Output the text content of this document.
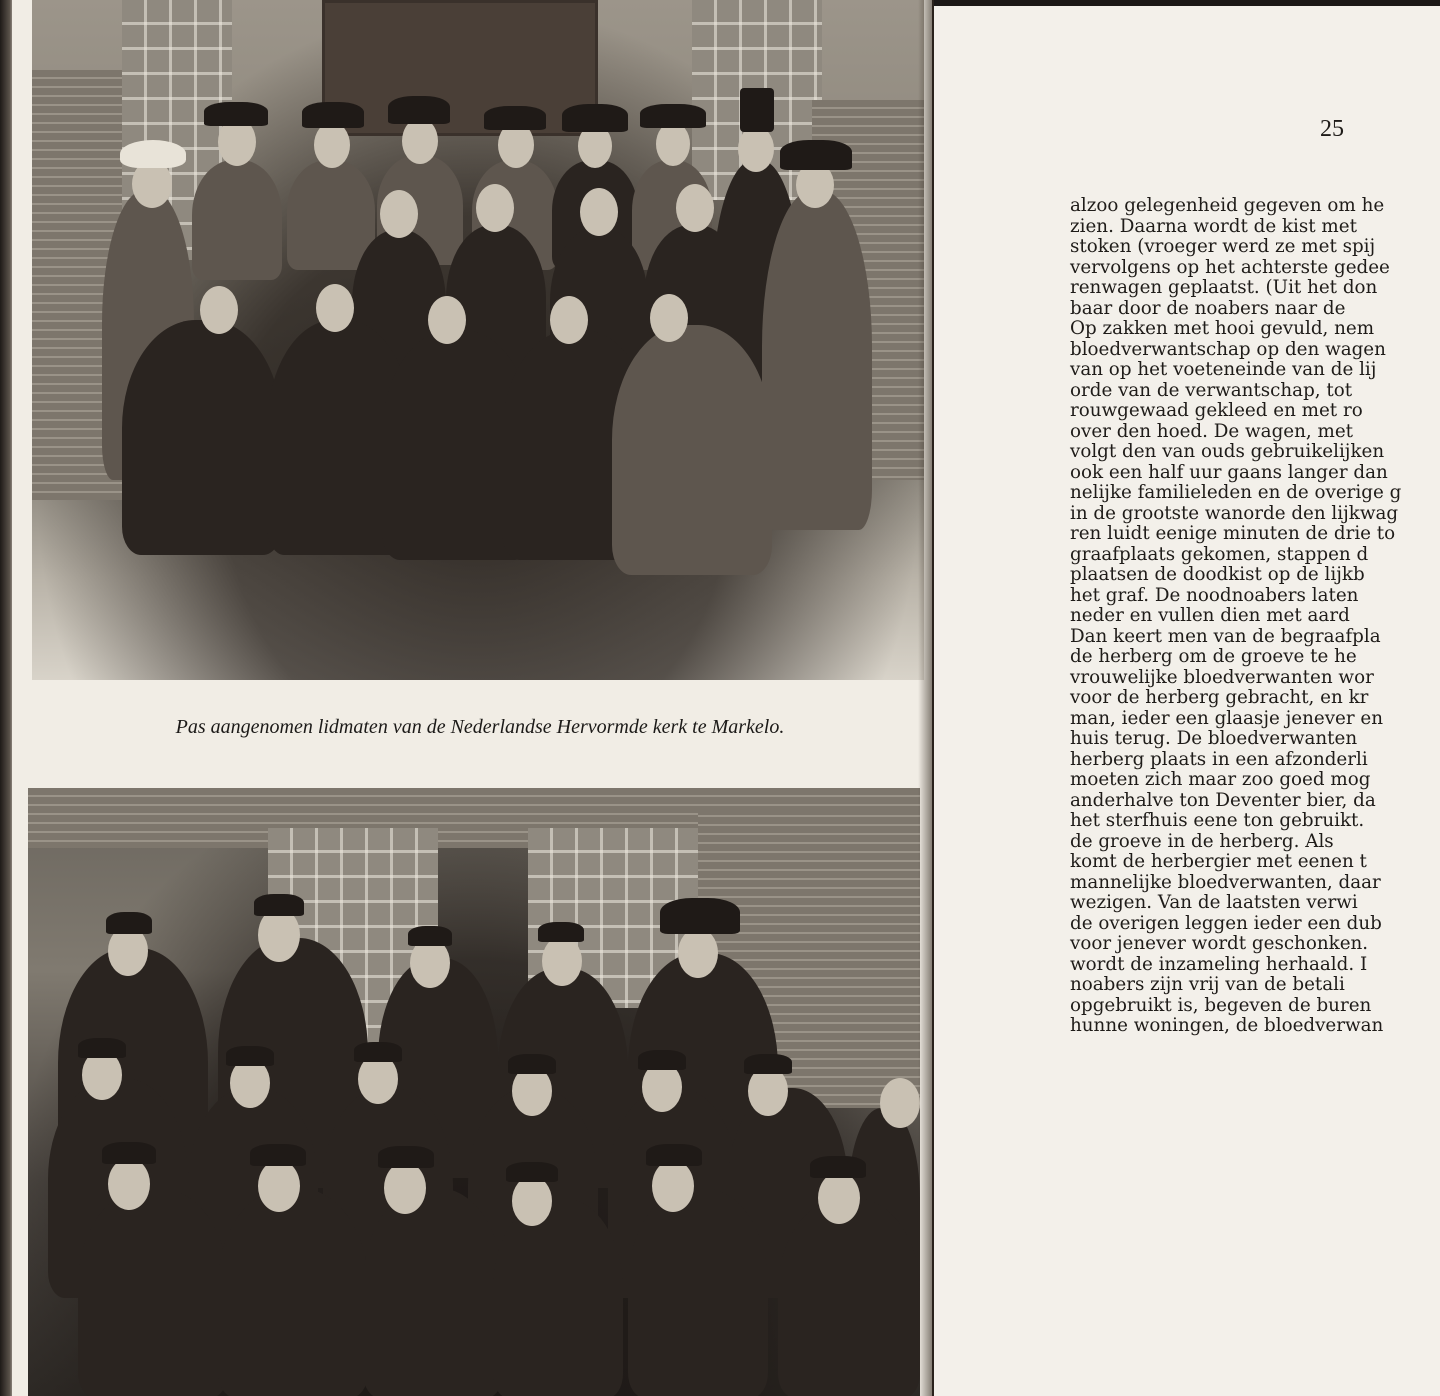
Pas aangenomen lidmaten van de Nederlandse Hervormde kerk te Markelo.

25

alzoo gelegenheid gegeven om he
zien. Daarna wordt de kist met
stoken (vroeger werd ze met spij
vervolgens op het achterste gedee
renwagen geplaatst. (Uit het don
baar door de noabers naar de
Op zakken met hooi gevuld, nem
bloedverwantschap op den wagen
van op het voeteneinde van de lij
orde van de verwantschap, tot
rouwgewaad gekleed en met ro
over den hoed. De wagen, met
volgt den van ouds gebruikelijken
ook een half uur gaans langer dan
nelijke familieleden en de overige g
in de grootste wanorde den lijkwag
ren luidt eenige minuten de drie to
graafplaats gekomen, stappen d
plaatsen de doodkist op de lijkb
het graf. De noodnoabers laten
neder en vullen dien met aard
Dan keert men van de begraafpla
de herberg om de groeve te he
vrouwelijke bloedverwanten wor
voor de herberg gebracht, en kr
man, ieder een glaasje jenever en
huis terug. De bloedverwanten
herberg plaats in een afzonderli
moeten zich maar zoo goed mog
anderhalve ton Deventer bier, da
het sterfhuis eene ton gebruikt.
de groeve in de herberg. Als
komt de herbergier met eenen t
mannelijke bloedverwanten, daar
wezigen. Van de laatsten verwi
de overigen leggen ieder een dub
voor jenever wordt geschonken.
wordt de inzameling herhaald. I
noabers zijn vrij van de betali
opgebruikt is, begeven de buren
hunne woningen, de bloedverwan
